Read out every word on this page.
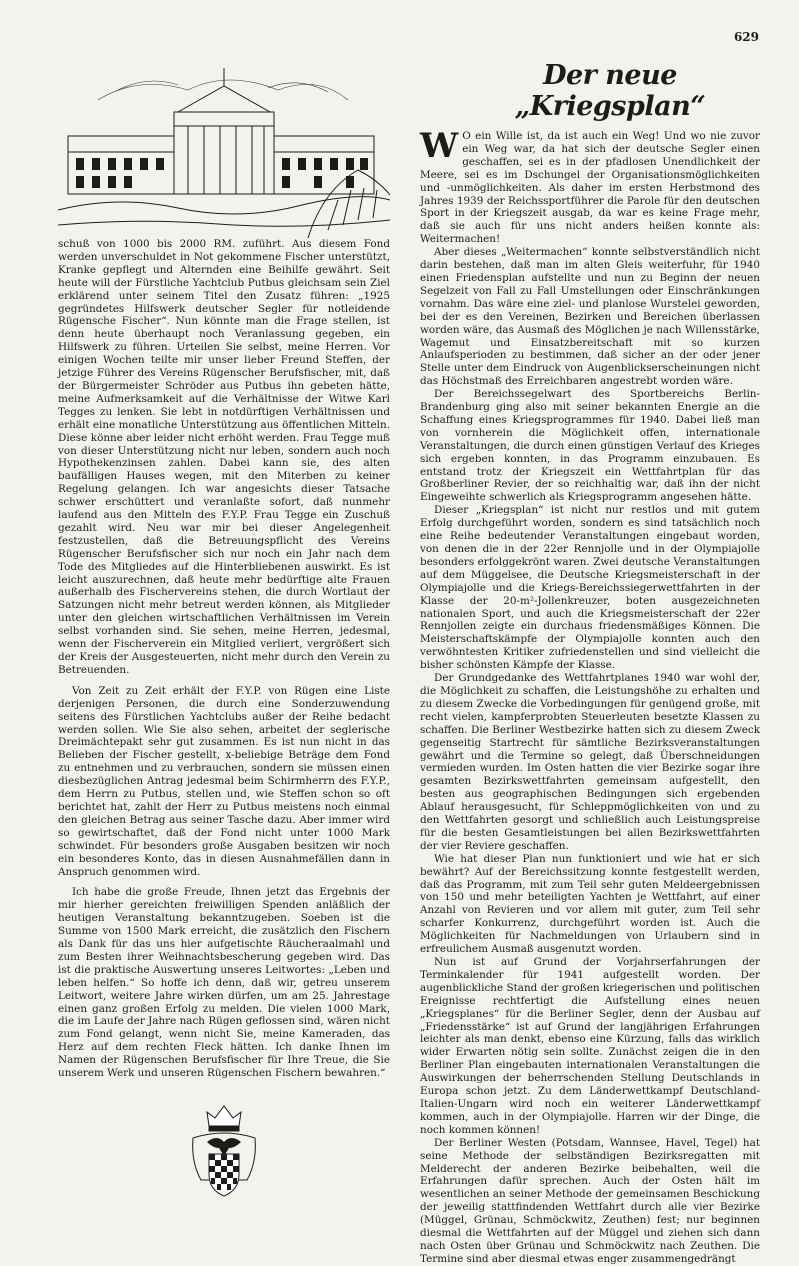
629

schuß von 1000 bis 2000 RM. zuführt. Aus diesem Fond werden unverschuldet in Not gekommene Fischer unterstützt, Kranke gepflegt und Alternden eine Beihilfe gewährt. Seit heute will der Fürstliche Yachtclub Putbus gleichsam sein Ziel erklärend unter seinem Titel den Zusatz führen: „1925 gegründetes Hilfswerk deutscher Segler für notleidende Rügensche Fischer“. Nun könnte man die Frage stellen, ist denn heute überhaupt noch Veranlassung gegeben, ein Hilfswerk zu führen. Urteilen Sie selbst, meine Herren. Vor einigen Wochen teilte mir unser lieber Freund Steffen, der jetzige Führer des Vereins Rügenscher Berufsfischer, mit, daß der Bürgermeister Schröder aus Putbus ihn gebeten hätte, meine Aufmerksamkeit auf die Verhältnisse der Witwe Karl Tegges zu lenken. Sie lebt in notdürftigen Verhältnissen und erhält eine monatliche Unterstützung aus öffentlichen Mitteln. Diese könne aber leider nicht erhöht werden. Frau Tegge muß von dieser Unterstützung nicht nur leben, sondern auch noch Hypothekenzinsen zahlen. Dabei kann sie, des alten baufälligen Hauses wegen, mit den Miterben zu keiner Regelung gelangen. Ich war angesichts dieser Tatsache schwer erschüttert und veranlaßte sofort, daß nunmehr laufend aus den Mitteln des F.Y.P. Frau Tegge ein Zuschuß gezahlt wird. Neu war mir bei dieser Angelegenheit festzustellen, daß die Betreuungspflicht des Vereins Rügenscher Berufsfischer sich nur noch ein Jahr nach dem Tode des Mitgliedes auf die Hinterbliebenen auswirkt. Es ist leicht auszurechnen, daß heute mehr bedürftige alte Frauen außerhalb des Fischervereins stehen, die durch Wortlaut der Satzungen nicht mehr betreut werden können, als Mitglieder unter den gleichen wirtschaftlichen Verhältnissen im Verein selbst vorhanden sind. Sie sehen, meine Herren, jedesmal, wenn der Fischerverein ein Mitglied verliert, vergrößert sich der Kreis der Ausgesteuerten, nicht mehr durch den Verein zu Betreuenden.

Von Zeit zu Zeit erhält der F.Y.P. von Rügen eine Liste derjenigen Personen, die durch eine Sonderzuwendung seitens des Fürstlichen Yachtclubs außer der Reihe bedacht werden sollen. Wie Sie also sehen, arbeitet der seglerische Dreimächtepakt sehr gut zusammen. Es ist nun nicht in das Belieben der Fischer gestellt, x-beliebige Beträge dem Fond zu entnehmen und zu verbrauchen, sondern sie müssen einen diesbezüglichen Antrag jedesmal beim Schirmherrn des F.Y.P., dem Herrn zu Putbus, stellen und, wie Steffen schon so oft berichtet hat, zahlt der Herr zu Putbus meistens noch einmal den gleichen Betrag aus seiner Tasche dazu. Aber immer wird so gewirtschaftet, daß der Fond nicht unter 1000 Mark schwindet. Für besonders große Ausgaben besitzen wir noch ein besonderes Konto, das in diesen Ausnahmefällen dann in Anspruch genommen wird.

Ich habe die große Freude, Ihnen jetzt das Ergebnis der mir hierher gereichten freiwilligen Spenden anläßlich der heutigen Veranstaltung bekanntzugeben. Soeben ist die Summe von 1500 Mark erreicht, die zusätzlich den Fischern als Dank für das uns hier aufgetischte Räucheraalmahl und zum Besten ihrer Weihnachtsbescherung gegeben wird. Das ist die praktische Auswertung unseres Leitwortes: „Leben und leben helfen.“ So hoffe ich denn, daß wir, getreu unserem Leitwort, weitere Jahre wirken dürfen, um am 25. Jahrestage einen ganz großen Erfolg zu melden. Die vielen 1000 Mark, die im Laufe der Jahre nach Rügen geflossen sind, wären nicht zum Fond gelangt, wenn nicht Sie, meine Kameraden, das Herz auf dem rechten Fleck hätten. Ich danke Ihnen im Namen der Rügenschen Berufsfischer für Ihre Treue, die Sie unserem Werk und unseren Rügenschen Fischern bewahren.“

Der neue „Kriegsplan“

W O ein Wille ist, da ist auch ein Weg! Und wo nie zuvor ein Weg war, da hat sich der deutsche Segler einen geschaffen, sei es in der pfadlosen Unendlichkeit der Meere, sei es im Dschungel der Organisationsmöglichkeiten und -unmöglichkeiten. Als daher im ersten Herbstmond des Jahres 1939 der Reichssportführer die Parole für den deutschen Sport in der Kriegszeit ausgab, da war es keine Frage mehr, daß sie auch für uns nicht anders heißen konnte als: Weitermachen!

Aber dieses „Weitermachen“ konnte selbstverständlich nicht darin bestehen, daß man im alten Gleis weiterfuhr, für 1940 einen Friedensplan aufstellte und nun zu Beginn der neuen Segelzeit von Fall zu Fall Umstellungen oder Einschränkungen vornahm. Das wäre eine ziel- und planlose Wurstelei geworden, bei der es den Vereinen, Bezirken und Bereichen überlassen worden wäre, das Ausmaß des Möglichen je nach Willensstärke, Wagemut und Einsatzbereitschaft mit so kurzen Anlaufsperioden zu bestimmen, daß sicher an der oder jener Stelle unter dem Eindruck von Augenblickserscheinungen nicht das Höchstmaß des Erreichbaren angestrebt worden wäre.

Der Bereichssegelwart des Sportbereichs Berlin-Brandenburg ging also mit seiner bekannten Energie an die Schaffung eines Kriegsprogrammes für 1940. Dabei ließ man von vornherein die Möglichkeit offen, internationale Veranstaltungen, die durch einen günstigen Verlauf des Krieges sich ergeben konnten, in das Programm einzubauen. Es entstand trotz der Kriegszeit ein Wettfahrtplan für das Großberliner Revier, der so reichhaltig war, daß ihn der nicht Eingeweihte schwerlich als Kriegsprogramm angesehen hätte.

Dieser „Kriegsplan“ ist nicht nur restlos und mit gutem Erfolg durchgeführt worden, sondern es sind tatsächlich noch eine Reihe bedeutender Veranstaltungen eingebaut worden, von denen die in der 22er Rennjolle und in der Olympiajolle besonders erfolggekrönt waren. Zwei deutsche Veranstaltungen auf dem Müggelsee, die Deutsche Kriegsmeisterschaft in der Olympiajolle und die Kriegs-Bereichssiegerwettfahrten in der Klasse der 20-m²-Jollenkreuzer, boten ausgezeichneten nationalen Sport, und auch die Kriegsmeisterschaft der 22er Rennjollen zeigte ein durchaus friedensmäßiges Können. Die Meisterschaftskämpfe der Olympiajolle konnten auch den verwöhntesten Kritiker zufriedenstellen und sind vielleicht die bisher schönsten Kämpfe der Klasse.

Der Grundgedanke des Wettfahrtplanes 1940 war wohl der, die Möglichkeit zu schaffen, die Leistungshöhe zu erhalten und zu diesem Zwecke die Vorbedingungen für genügend große, mit recht vielen, kampferprobten Steuerleuten besetzte Klassen zu schaffen. Die Berliner Westbezirke hatten sich zu diesem Zweck gegenseitig Startrecht für sämtliche Bezirksveranstaltungen gewährt und die Termine so gelegt, daß Überschneidungen vermieden wurden. Im Osten hatten die vier Bezirke sogar ihre gesamten Bezirkswettfahrten gemeinsam aufgestellt, den besten aus geographischen Bedingungen sich ergebenden Ablauf herausgesucht, für Schleppmöglichkeiten von und zu den Wettfahrten gesorgt und schließlich auch Leistungspreise für die besten Gesamtleistungen bei allen Bezirkswettfahrten der vier Reviere geschaffen.

Wie hat dieser Plan nun funktioniert und wie hat er sich bewährt? Auf der Bereichssitzung konnte festgestellt werden, daß das Programm, mit zum Teil sehr guten Meldeergebnissen von 150 und mehr beteiligten Yachten je Wettfahrt, auf einer Anzahl von Revieren und vor allem mit guter, zum Teil sehr scharfer Konkurrenz, durchgeführt worden ist. Auch die Möglichkeiten für Nachmeldungen von Urlaubern sind in erfreulichem Ausmaß ausgenutzt worden.

Nun ist auf Grund der Vorjahrserfahrungen der Terminkalender für 1941 aufgestellt worden. Der augenblickliche Stand der großen kriegerischen und politischen Ereignisse rechtfertigt die Aufstellung eines neuen „Kriegsplanes“ für die Berliner Segler, denn der Ausbau auf „Friedensstärke“ ist auf Grund der langjährigen Erfahrungen leichter als man denkt, ebenso eine Kürzung, falls das wirklich wider Erwarten nötig sein sollte. Zunächst zeigen die in den Berliner Plan eingebauten internationalen Veranstaltungen die Auswirkungen der beherrschenden Stellung Deutschlands in Europa schon jetzt. Zu dem Länderwettkampf Deutschland-Italien-Ungarn wird noch ein weiterer Länderwettkampf kommen, auch in der Olympiajolle. Harren wir der Dinge, die noch kommen können!

Der Berliner Westen (Potsdam, Wannsee, Havel, Tegel) hat seine Methode der selbständigen Bezirksregatten mit Melderecht der anderen Bezirke beibehalten, weil die Erfahrungen dafür sprechen. Auch der Osten hält im wesentlichen an seiner Methode der gemeinsamen Beschickung der jeweilig stattfindenden Wettfahrt durch alle vier Bezirke (Müggel, Grünau, Schmöckwitz, Zeuthen) fest; nur beginnen diesmal die Wettfahrten auf der Müggel und ziehen sich dann nach Osten über Grünau und Schmöckwitz nach Zeuthen. Die Termine sind aber diesmal etwas enger zusammengedrängt
